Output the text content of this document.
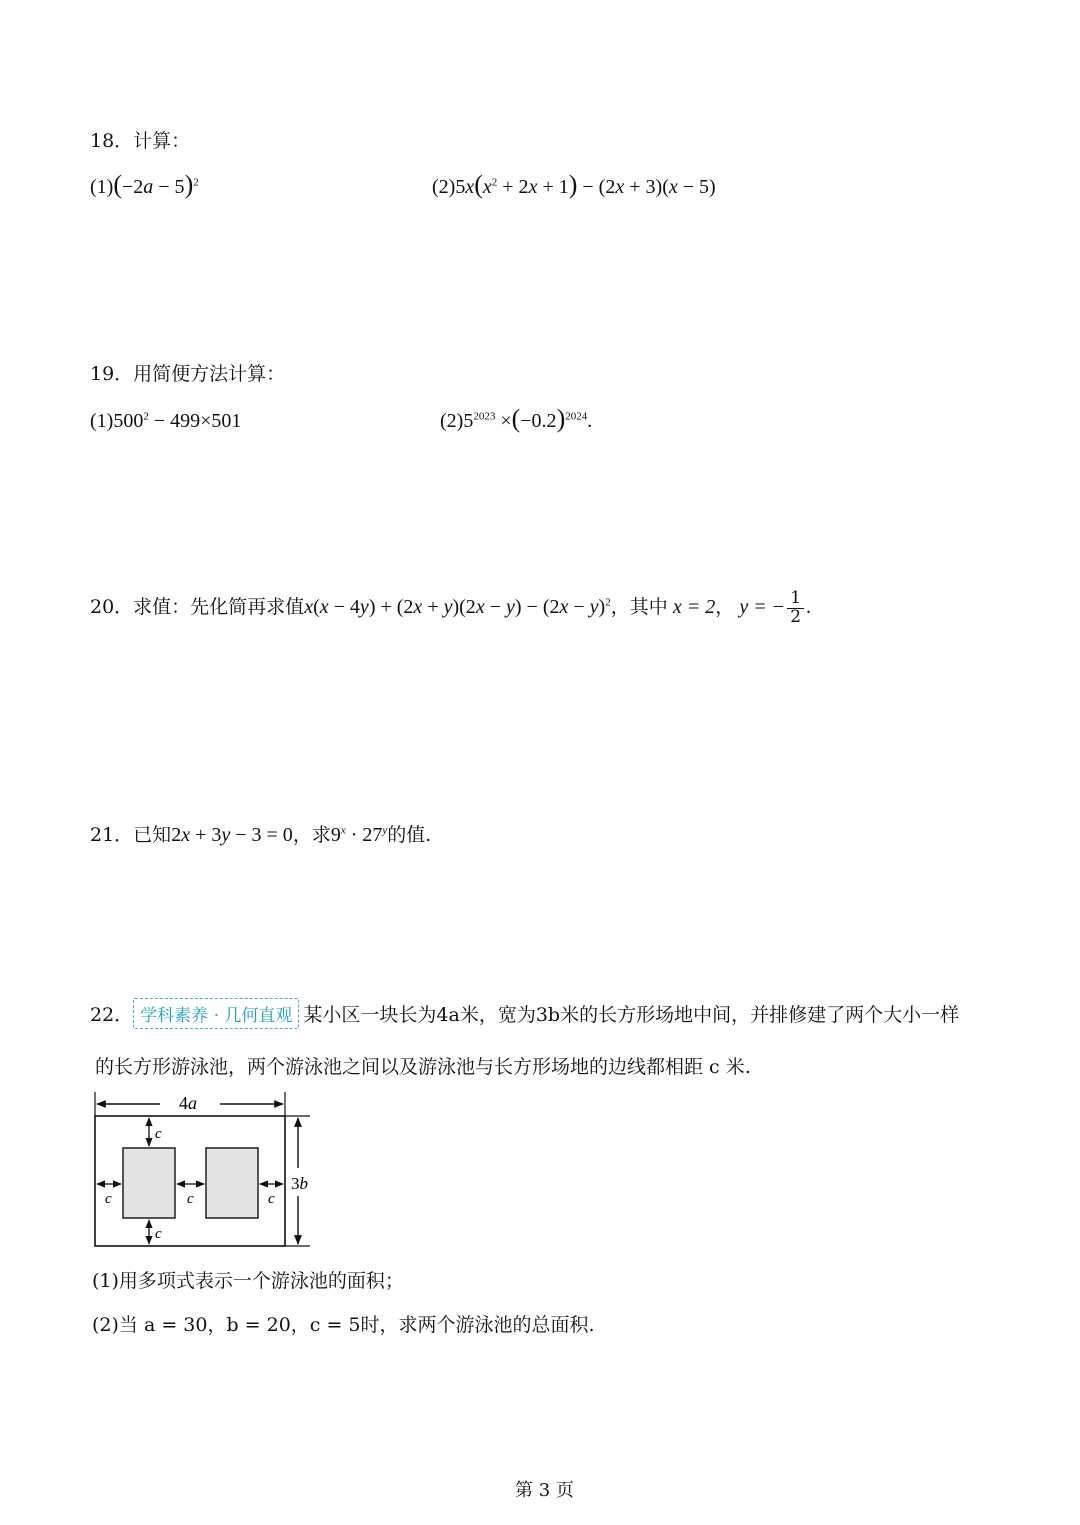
18．计算：
$(1)(-2a - 5)^2$	$(2)5x(x^2 + 2x + 1) - (2x + 3)(x - 5)$
19．用简便方法计算：
$(1)500^2 - 499\times 501$	$(2)5^{2023} \times(-0.2)^{2024}$.
20．求值：先化简再求值$x(x - 4y) + (2x + y)(2x - y) - (2x - y)^2$，其中 x = 2， y = − $\frac{1}{2}$ .
21．已知2x + 3y − 3 = 0，求$9^x \cdot 27^y$的值.
22． 学科素养 · 几何直观 某小区一块长为4a米，宽为3b米的长方形场地中间，并排修建了两个大小一样
的长方形游泳池，两个游泳池之间以及游泳池与长方形场地的边线都相距 c 米.
4a
3b
c
c
c	c	c
(1)用多项式表示一个游泳池的面积；
(2)当 a = 30，b = 20，c = 5时，求两个游泳池的总面积.
第 3 页
